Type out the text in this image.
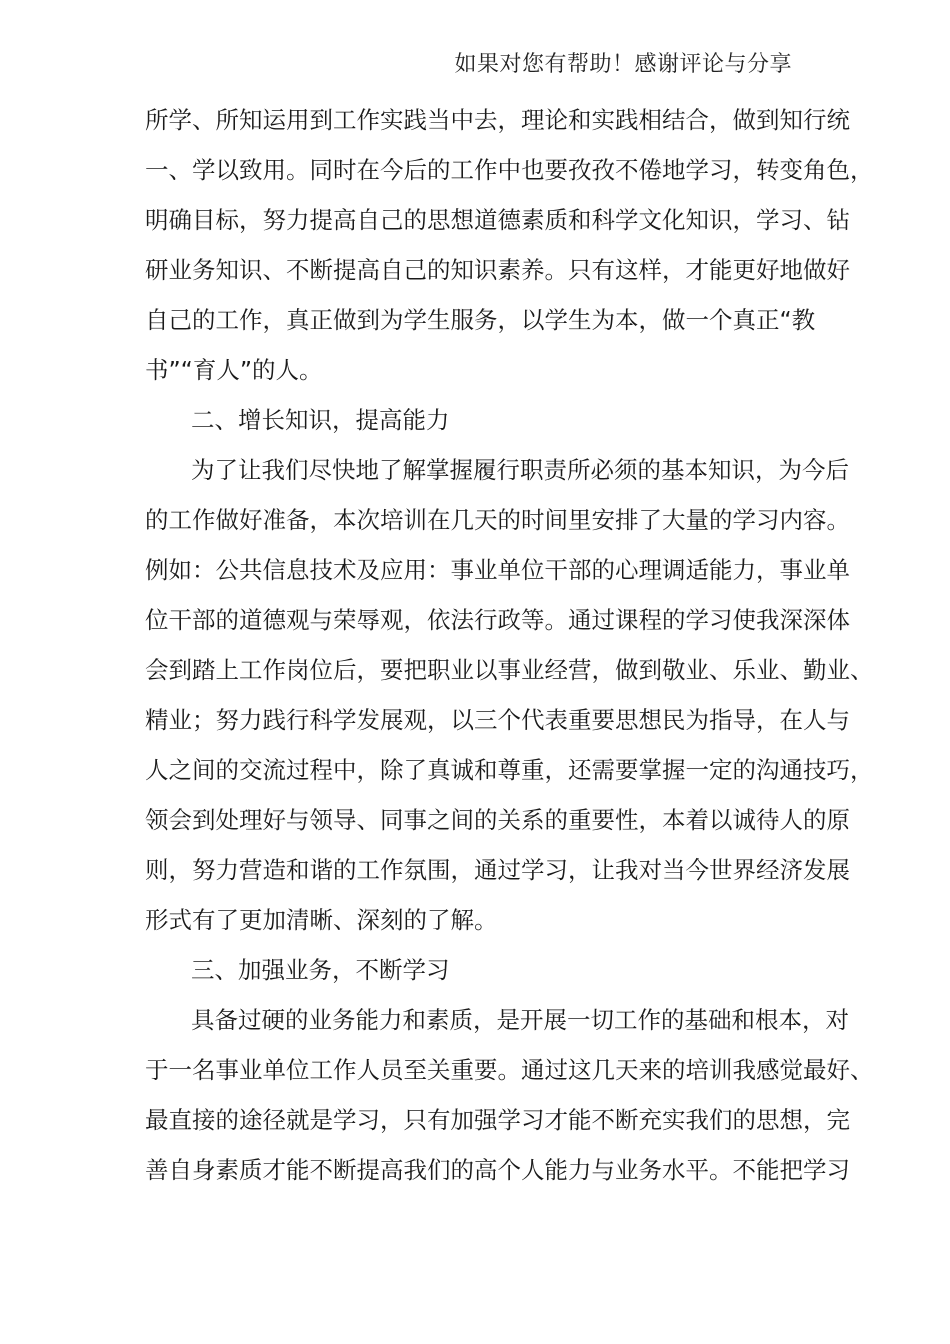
如果对您有帮助！感谢评论与分享
所学、所知运用到工作实践当中去，理论和实践相结合，做到知行统
一、学以致用。同时在今后的工作中也要孜孜不倦地学习，转变角色，
明确目标，努力提高自己的思想道德素质和科学文化知识，学习、钻
研业务知识、不断提高自己的知识素养。只有这样，才能更好地做好
自己的工作，真正做到为学生服务，以学生为本，做一个真正“教
书”“育人”的人。
二、增长知识，提高能力
为了让我们尽快地了解掌握履行职责所必须的基本知识，为今后
的工作做好准备，本次培训在几天的时间里安排了大量的学习内容。
例如：公共信息技术及应用：事业单位干部的心理调适能力，事业单
位干部的道德观与荣辱观，依法行政等。通过课程的学习使我深深体
会到踏上工作岗位后，要把职业以事业经营，做到敬业、乐业、勤业、
精业；努力践行科学发展观，以三个代表重要思想民为指导，在人与
人之间的交流过程中，除了真诚和尊重，还需要掌握一定的沟通技巧，
领会到处理好与领导、同事之间的关系的重要性，本着以诚待人的原
则，努力营造和谐的工作氛围，通过学习，让我对当今世界经济发展
形式有了更加清晰、深刻的了解。
三、加强业务，不断学习
具备过硬的业务能力和素质，是开展一切工作的基础和根本，对
于一名事业单位工作人员至关重要。通过这几天来的培训我感觉最好、
最直接的途径就是学习，只有加强学习才能不断充实我们的思想，完
善自身素质才能不断提高我们的高个人能力与业务水平。不能把学习
